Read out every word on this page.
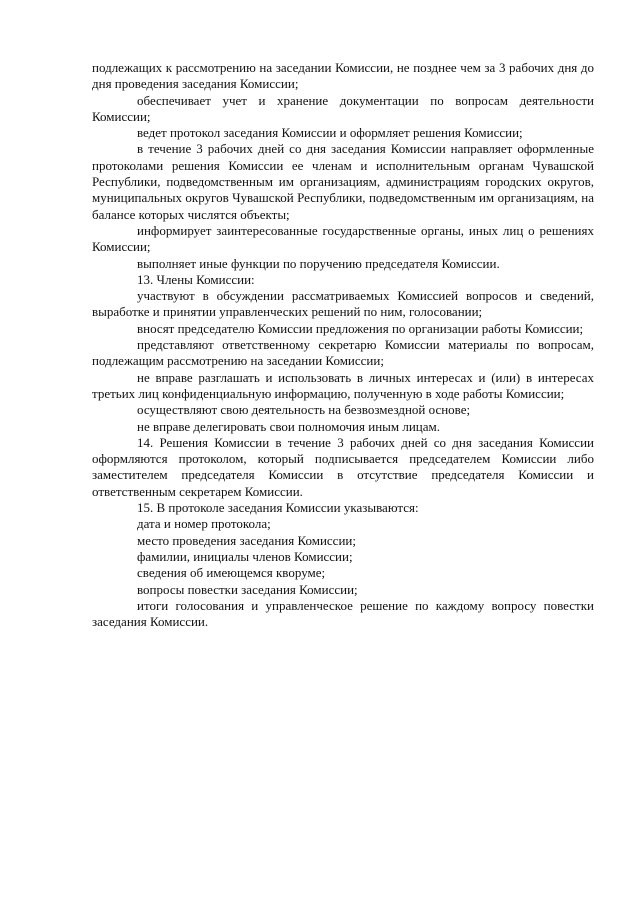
подлежащих к рассмотрению на заседании Комиссии, не позднее чем за 3 рабочих дня до дня проведения заседания Комиссии;

обеспечивает учет и хранение документации по вопросам деятельности Комиссии;

ведет протокол заседания Комиссии и оформляет решения Комиссии;

в течение 3 рабочих дней со дня заседания Комиссии направляет оформленные протоколами решения Комиссии ее членам и исполнительным органам Чувашской Республики, подведомственным им организациям, администрациям городских округов, муниципальных округов Чувашской Республики, подведомственным им организациям, на балансе которых числятся объекты;

информирует заинтересованные государственные органы, иных лиц о решениях Комиссии;

выполняет иные функции по поручению председателя Комиссии.

13. Члены Комиссии:

участвуют в обсуждении рассматриваемых Комиссией вопросов и сведений, выработке и принятии управленческих решений по ним, голосовании;

вносят председателю Комиссии предложения по организации работы Комиссии;

представляют ответственному секретарю Комиссии материалы по вопросам, подлежащим рассмотрению на заседании Комиссии;

не вправе разглашать и использовать в личных интересах и (или) в интересах третьих лиц конфиденциальную информацию, полученную в ходе работы Комиссии;

осуществляют свою деятельность на безвозмездной основе;

не вправе делегировать свои полномочия иным лицам.

14. Решения Комиссии в течение 3 рабочих дней со дня заседания Комиссии оформляются протоколом, который подписывается председателем Комиссии либо заместителем председателя Комиссии в отсутствие председателя Комиссии и ответственным секретарем Комиссии.

15. В протоколе заседания Комиссии указываются:

дата и номер протокола;

место проведения заседания Комиссии;

фамилии, инициалы членов Комиссии;

сведения об имеющемся кворуме;

вопросы повестки заседания Комиссии;

итоги голосования и управленческое решение по каждому вопросу повестки заседания Комиссии.
